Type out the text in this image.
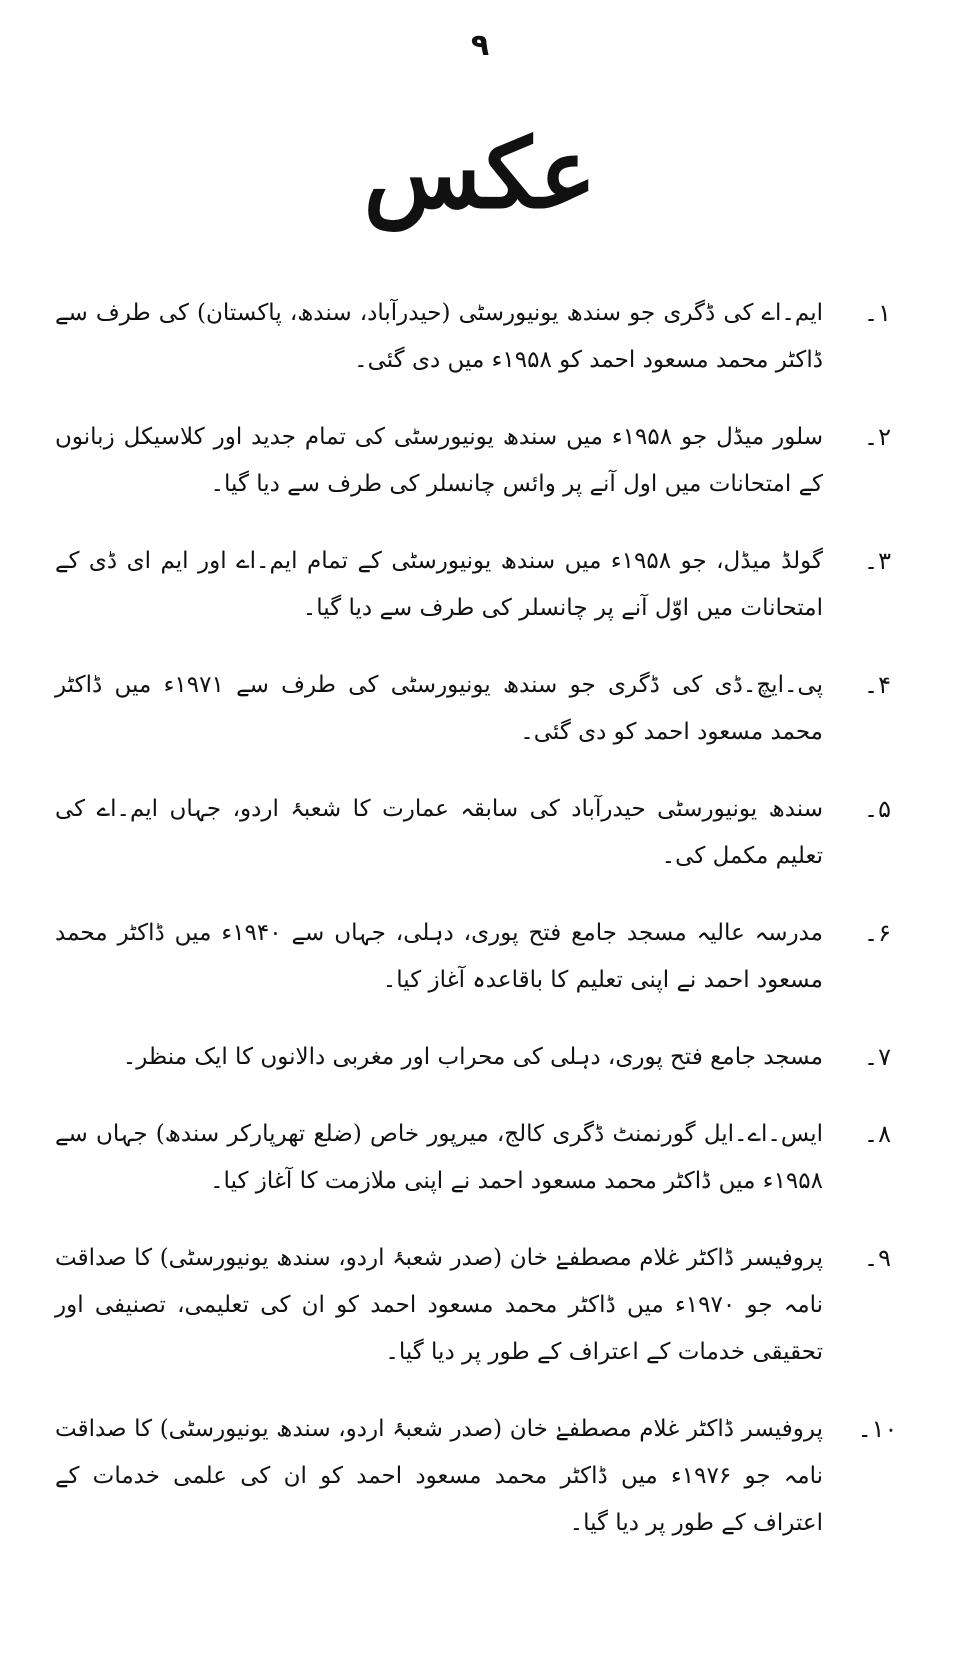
۹
عکس
۱۔
ایم۔اے کی ڈگری جو سندھ یونیورسٹی (حیدرآباد، سندھ، پاکستان) کی طرف سے ڈاکٹر محمد مسعود احمد کو ۱۹۵۸ء میں دی گئی۔
۲۔
سلور میڈل جو ۱۹۵۸ء میں سندھ یونیورسٹی کی تمام جدید اور کلاسیکل زبانوں کے امتحانات میں اول آنے پر وائس چانسلر کی طرف سے دیا گیا۔
۳۔
گولڈ میڈل، جو ۱۹۵۸ء میں سندھ یونیورسٹی کے تمام ایم۔اے اور ایم ای ڈی کے امتحانات میں اوّل آنے پر چانسلر کی طرف سے دیا گیا۔
۴۔
پی۔ایچ۔ڈی کی ڈگری جو سندھ یونیورسٹی کی طرف سے ۱۹۷۱ء میں ڈاکٹر محمد مسعود احمد کو دی گئی۔
۵۔
سندھ یونیورسٹی حیدرآباد کی سابقہ عمارت کا شعبۂ اردو، جہاں ایم۔اے کی تعلیم مکمل کی۔
۶۔
مدرسہ عالیہ مسجد جامع فتح پوری، دہلی، جہاں سے ۱۹۴۰ء میں ڈاکٹر محمد مسعود احمد نے اپنی تعلیم کا باقاعدہ آغاز کیا۔
۷۔
مسجد جامع فتح پوری، دہلی کی محراب اور مغربی دالانوں کا ایک منظر۔
۸۔
ایس۔اے۔ایل گورنمنٹ ڈگری کالج، میرپور خاص (ضلع تھرپارکر سندھ) جہاں سے ۱۹۵۸ء میں ڈاکٹر محمد مسعود احمد نے اپنی ملازمت کا آغاز کیا۔
۹۔
پروفیسر ڈاکٹر غلام مصطفےٰ خان (صدر شعبۂ اردو، سندھ یونیورسٹی) کا صداقت نامہ جو ۱۹۷۰ء میں ڈاکٹر محمد مسعود احمد کو ان کی تعلیمی، تصنیفی اور تحقیقی خدمات کے اعتراف کے طور پر دیا گیا۔
۱۰۔
پروفیسر ڈاکٹر غلام مصطفےٰ خان (صدر شعبۂ اردو، سندھ یونیورسٹی) کا صداقت نامہ جو ۱۹۷۶ء میں ڈاکٹر محمد مسعود احمد کو ان کی علمی خدمات کے اعتراف کے طور پر دیا گیا۔
